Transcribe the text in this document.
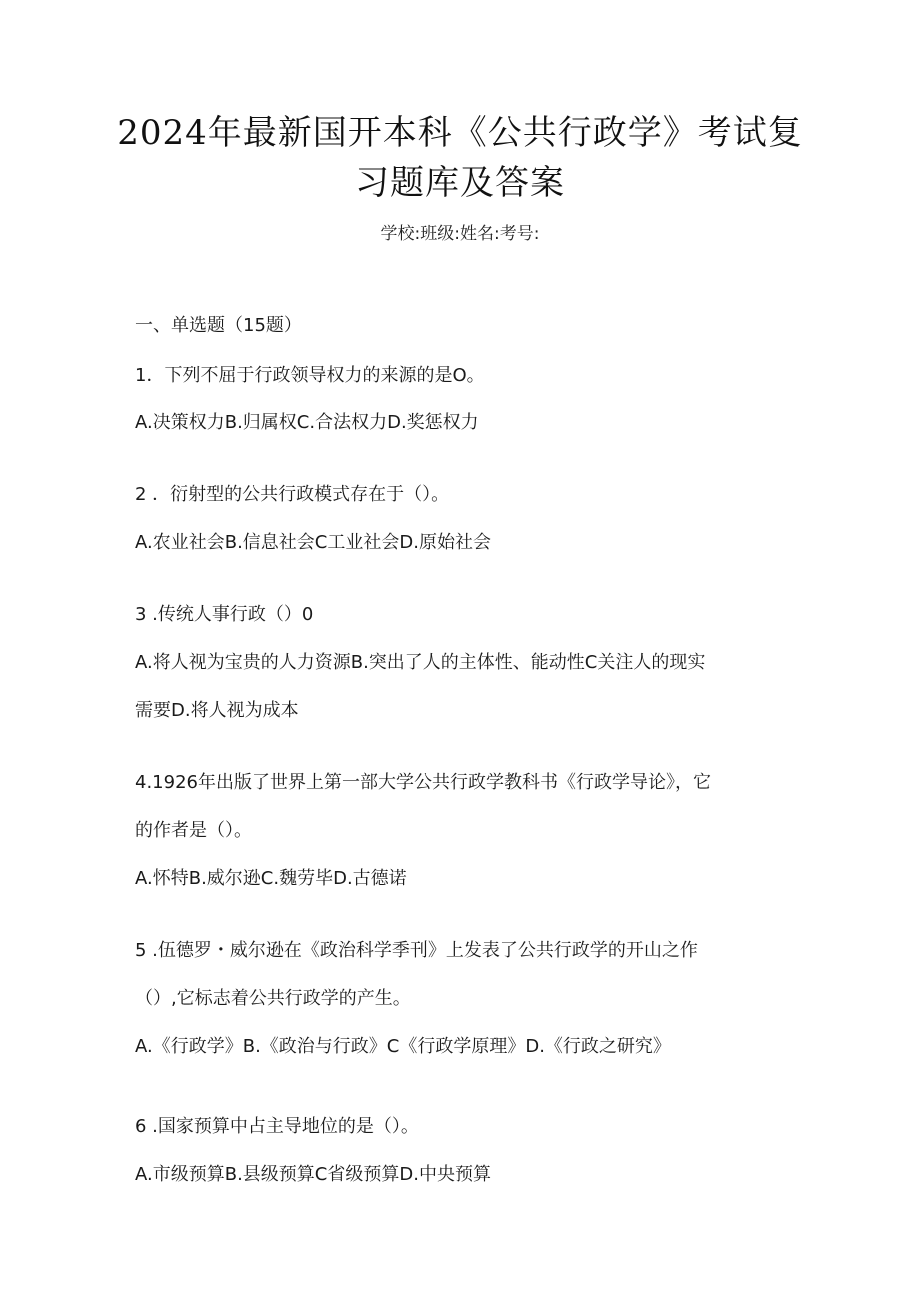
2024年最新国开本科《公共行政学》考试复
习题库及答案
学校:班级:姓名:考号:
一、单选题（15题）
1．下列不屈于行政领导权力的来源的是O。
A.决策权力B.归属权C.合法权力D.奖惩权力
2 ．衍射型的公共行政模式存在于（）。
A.农业社会B.信息社会C工业社会D.原始社会
3 .传统人事行政（）0
A.将人视为宝贵的人力资源B.突出了人的主体性、能动性C关注人的现实
需要D.将人视为成本
4.1926年出版了世界上第一部大学公共行政学教科书《行政学导论》，它
的作者是（）。
A.怀特B.威尔逊C.魏劳毕D.古德诺
5 .伍德罗・威尔逊在《政治科学季刊》上发表了公共行政学的开山之作
（）,它标志着公共行政学的产生。
A.《行政学》B.《政治与行政》C《行政学原理》D.《行政之研究》
6 .国家预算中占主导地位的是（）。
A.市级预算B.县级预算C省级预算D.中央预算
